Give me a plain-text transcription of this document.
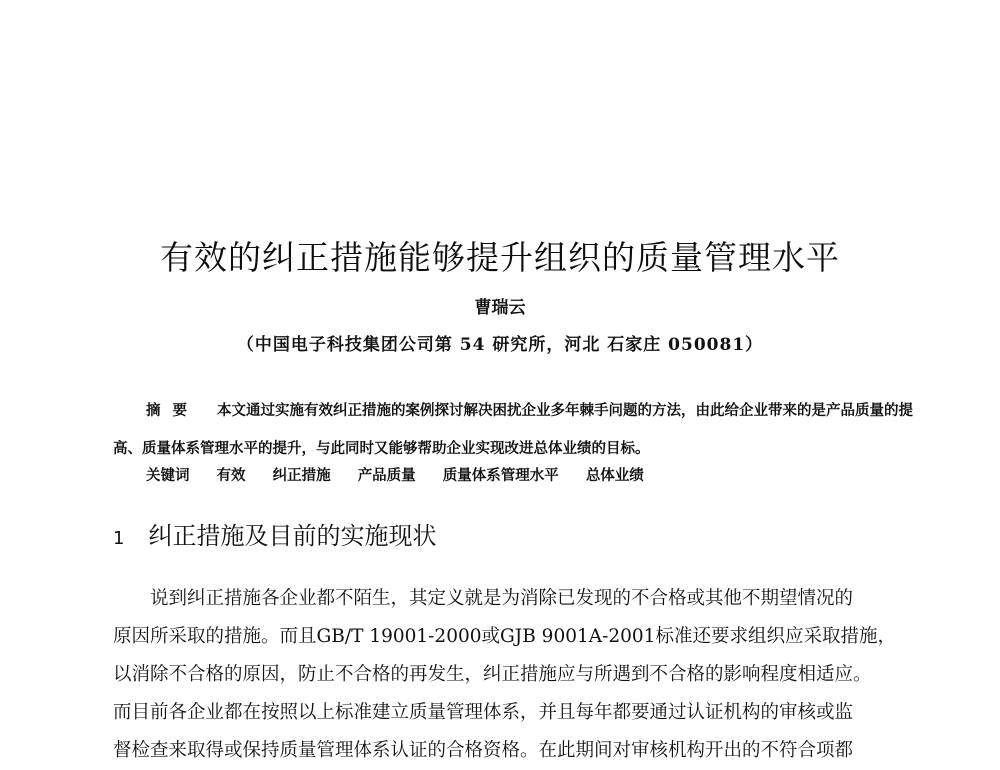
有效的纠正措施能够提升组织的质量管理水平
曹瑞云
（中国电子科技集团公司第 54 研究所，河北 石家庄 050081）
摘要 本文通过实施有效纠正措施的案例探讨解决困扰企业多年棘手问题的方法，由此给企业带来的是产品质量的提高、质量体系管理水平的提升，与此同时又能够帮助企业实现改进总体业绩的目标。
关键词 有效 纠正措施 产品质量 质量体系管理水平 总体业绩
1 纠正措施及目前的实施现状
说到纠正措施各企业都不陌生，其定义就是为消除已发现的不合格或其他不期望情况的
原因所采取的措施。而且GB/T 19001-2000或GJB 9001A-2001标准还要求组织应采取措施，
以消除不合格的原因，防止不合格的再发生，纠正措施应与所遇到不合格的影响程度相适应。
而目前各企业都在按照以上标准建立质量管理体系，并且每年都要通过认证机构的审核或监
督检查来取得或保持质量管理体系认证的合格资格。在此期间对审核机构开出的不符合项都
